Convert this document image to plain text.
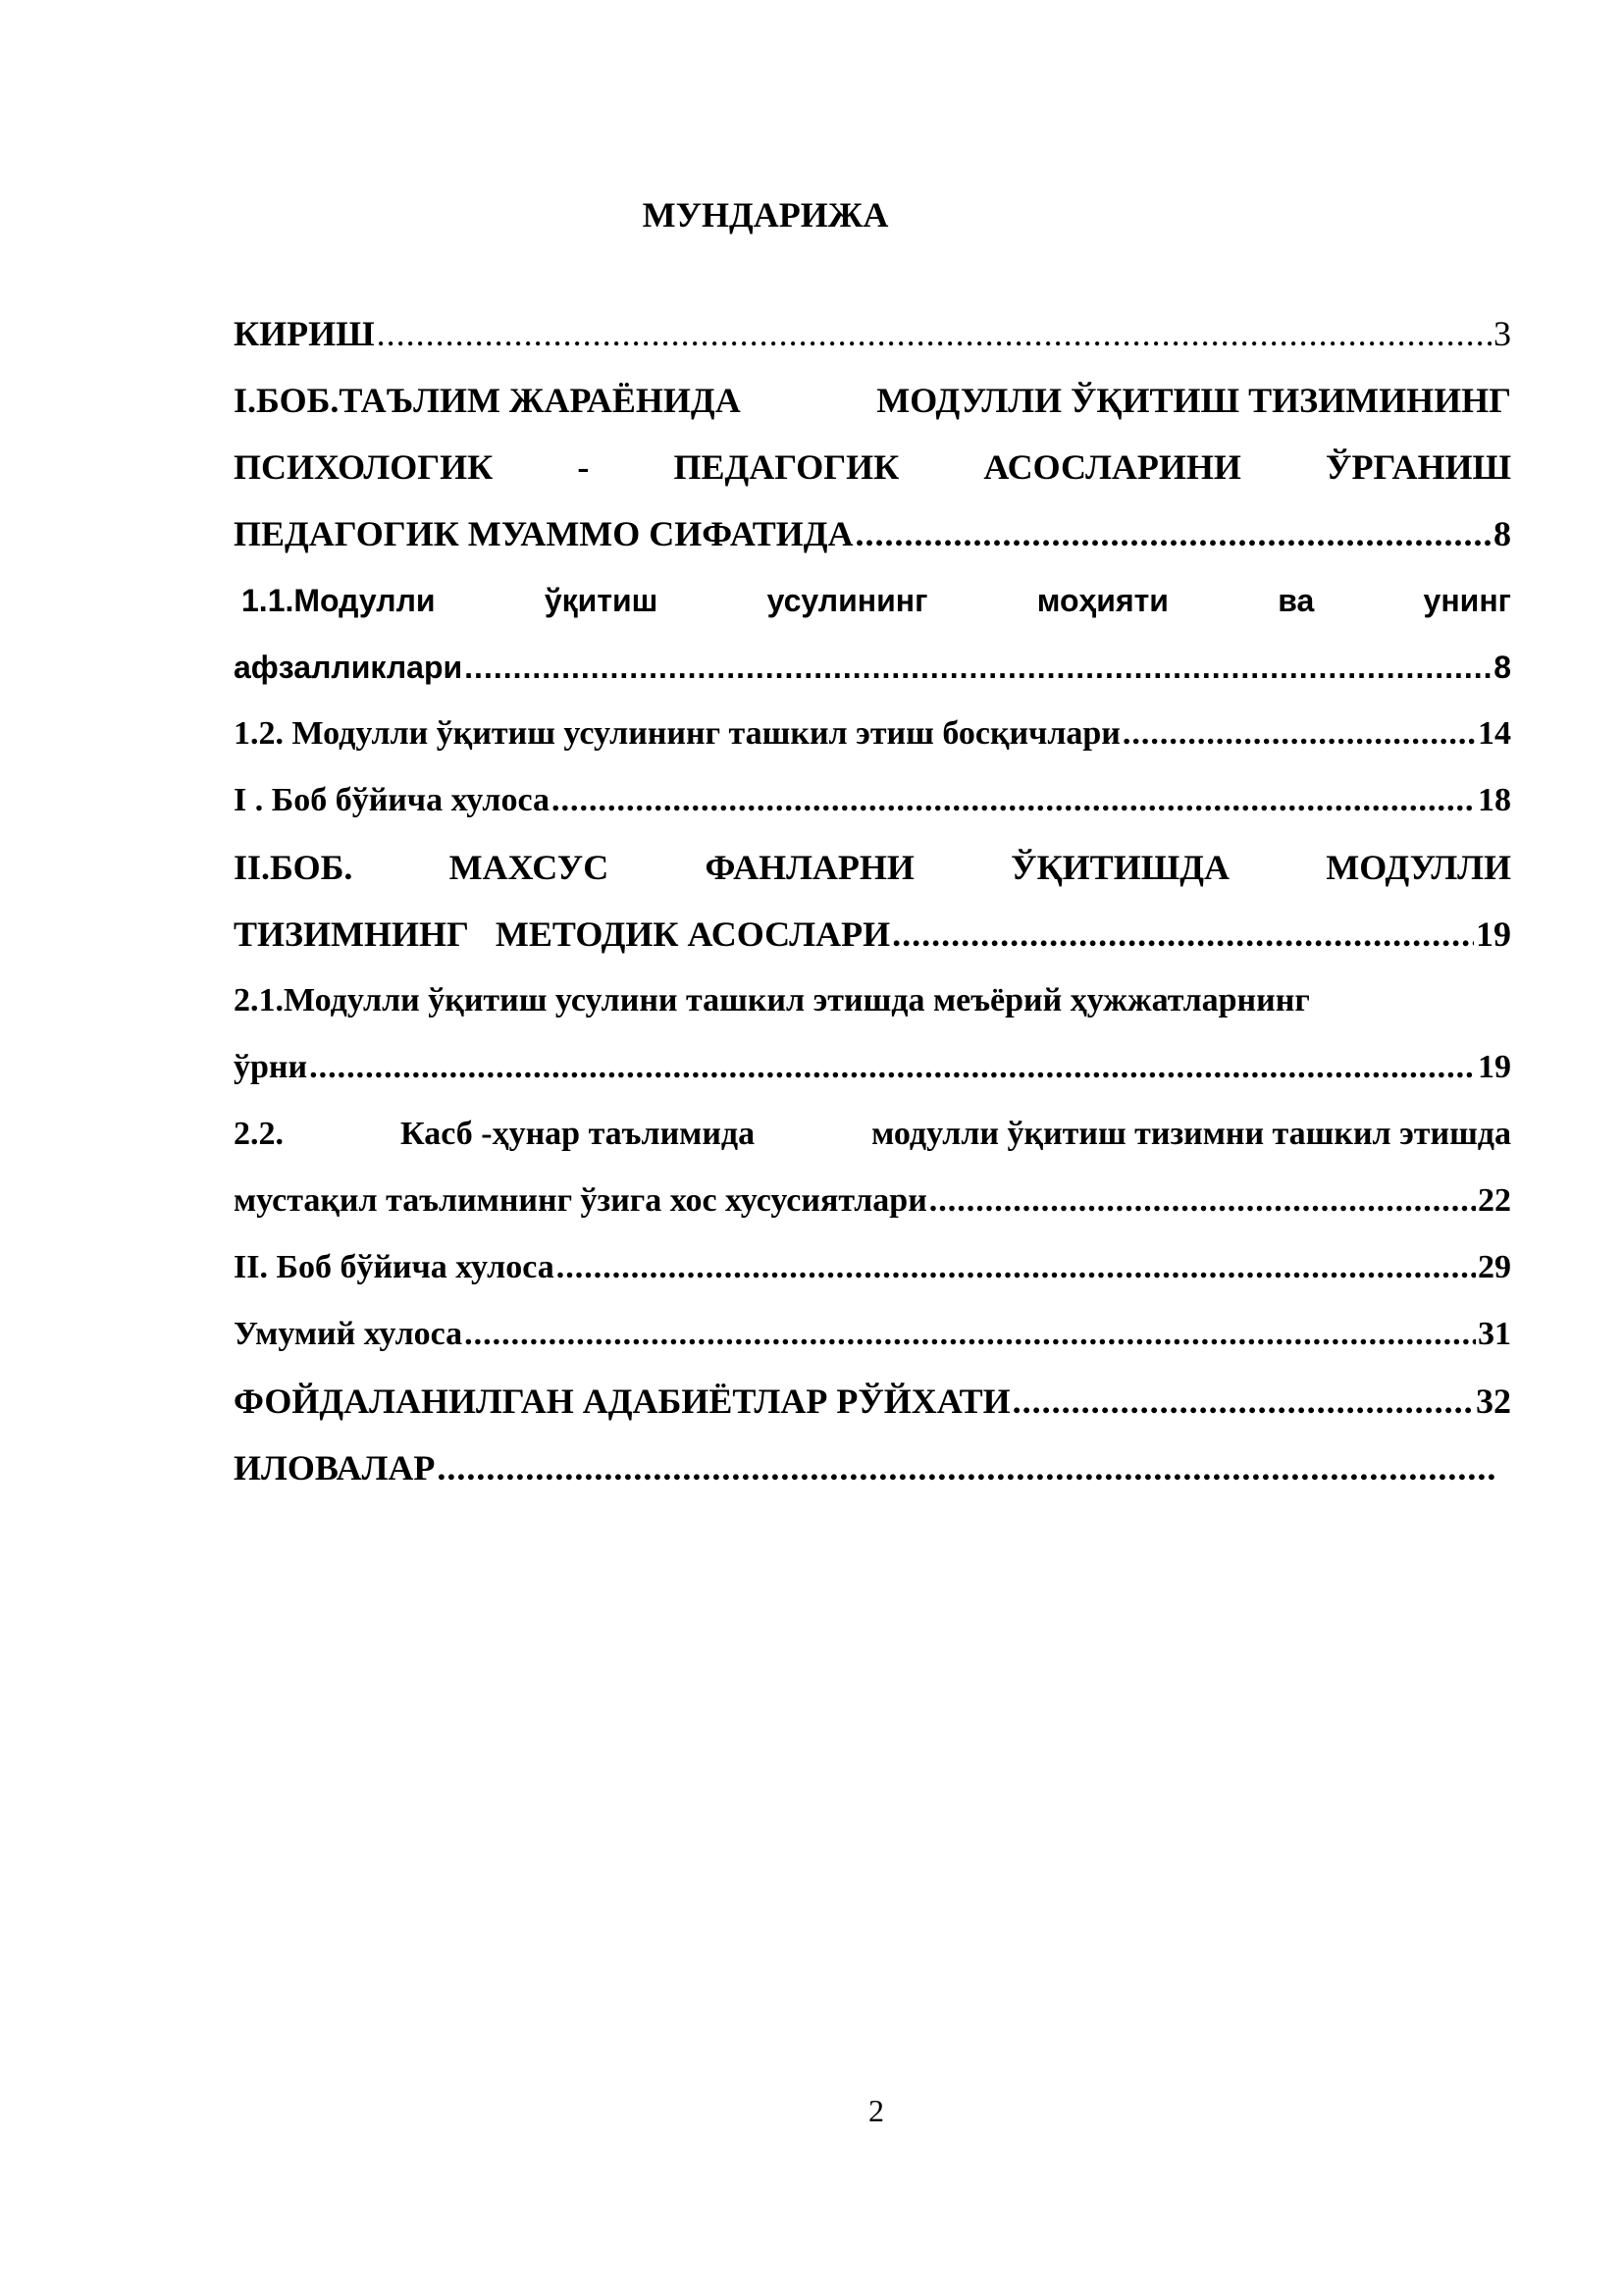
МУНДАРИЖА
КИРИШ .....	3
I.БОБ.ТАЪЛИМ ЖАРАЁНИДА	МОДУЛЛИ ЎҚИТИШ ТИЗИМИНИНГ
ПСИХОЛОГИК - ПЕДАГОГИК АСОСЛАРИНИ ЎРГАНИШ
ПЕДАГОГИК МУАММО СИФАТИДА .....	8
1.1.Модулли	ўқитиш	усулининг	моҳияти	ва	унинг
афзалликлари .....	8
1.2. Модулли ўқитиш усулининг ташкил этиш босқичлари .....	14
I . Боб бўйича хулоса .....	18
II.БОБ.	МАХСУС	ФАНЛАРНИ	ЎҚИТИШДА	МОДУЛЛИ
ТИЗИМНИНГ   МЕТОДИК АСОСЛАРИ .....	19
2.1.Модулли ўқитиш усулини ташкил этишда меъёрий ҳужжатларнинг
ўрни .....	19
2.2.	Касб -ҳунар таълимида	модулли ўқитиш тизимни ташкил этишда
мустақил таълимнинг ўзига хос хусусиятлари .....	22
II. Боб бўйича хулоса .....	29
Умумий хулоса .....	31
ФОЙДАЛАНИЛГАН АДАБИЁТЛАР РЎЙХАТИ .....	32
ИЛОВАЛАР
.....
2
